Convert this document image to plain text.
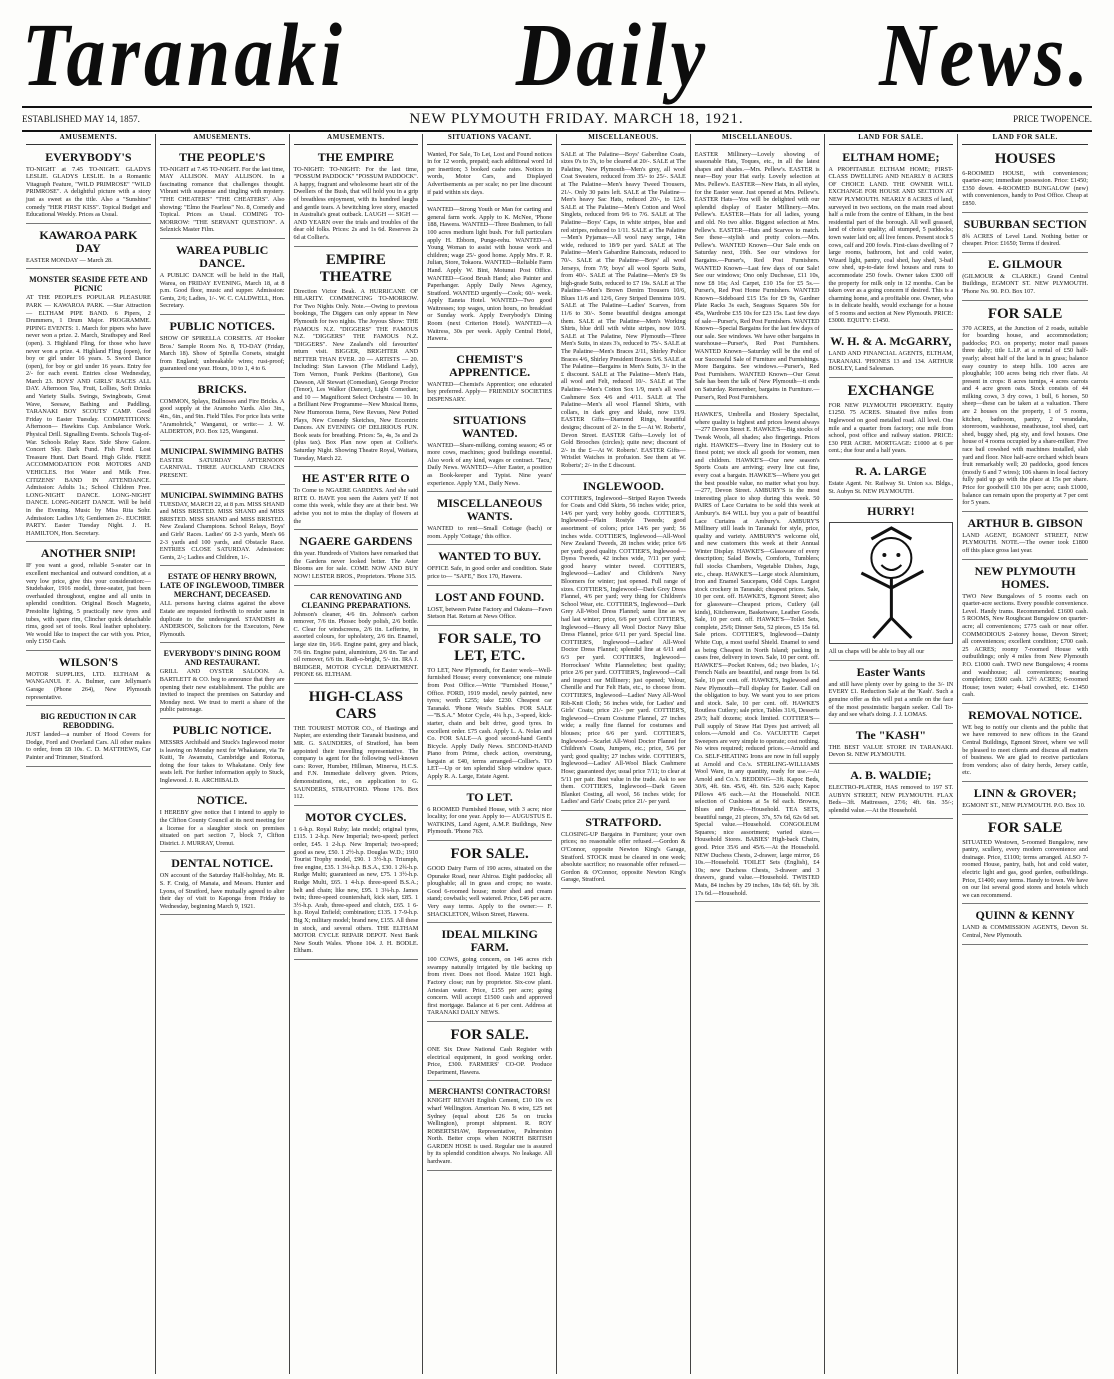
Taranaki Daily News.
ESTABLISHED MAY 14, 1857.	NEW PLYMOUTH FRIDAY. MARCH 18, 1921.	PRICE TWOPENCE.
AMUSEMENTS.
EVERYBODY'S

TO-NIGHT at 7.45 TO-NIGHT. GLADYS LESLIE. GLADYS LESLIE. In a Romantic Vitagraph Feature, "WILD PRIMROSE" "WILD PRIMROSE". A delightful picture with a story just as sweet as the title. Also a "Sunshine" comedy "HER FIRST KISS". Topical Budget and Educational Weekly. Prices as Usual.

KAWAROA PARK DAY

EASTER MONDAY — March 28.

MONSTER SEASIDE FETE AND PICNIC

AT THE PEOPLE'S POPULAR PLEASURE PARK — KAWAROA PARK. —Star Attraction— ELTHAM PIPE BAND. 6 Pipers, 2 Drummers, 1 Drum Major. PROGRAMME. PIPING EVENTS: 1. March for pipers who have never won a prize. 2. March, Strathspey and Reel (open). 3. Highland Fling, for those who have never won a prize. 4. Highland Fling (open), for boy or girl under 16 years. 5. Sword Dance (open), for boy or girl under 16 years. Entry fee 2/- for each event. Entries close Wednesday, March 23. BOYS' AND GIRLS' RACES ALL DAY. Afternoon Tea, Fruit, Lollies, Soft Drinks and Variety Stalls. Swings, Swingboats, Great Wave, Seesaw, Bathing and Paddling. TARANAKI BOY SCOUTS' CAMP. Good Friday to Easter Tuesday. COMPETITIONS: Afternoon— Hawkins Cup. Ambulance Work. Physical Drill. Signalling Events. Schools Tug-of-War. Schools Relay Race. Side Show Galore. Concert Sky. Dark Fund. Fish Pond. Lost Treasure Hunt. Dart Board. High Glide. FREE ACCOMMODATION FOR MOTORS AND VEHICLES. Hot Water and Milk Free. CITIZENS' BAND IN ATTENDANCE. Admission: Adults 1s.; School Children Free. LONG-NIGHT DANCE. LONG-NIGHT DANCE. LONG-NIGHT DANCE. Will be held in the Evening. Music by Miss Rita Sohr. Admission: Ladies 1/6; Gentlemen 2/-. EUCHRE PARTY. Easter Tuesday Night. J. H. HAMILTON, Hon. Secretary.

ANOTHER SNIP!

IF you want a good, reliable 5-seater car in excellent mechanical and outward condition, at a very low price, give this your consideration:— Studebaker, 1916 model, three-seater, just been overhauled throughout, engine and all units in splendid condition. Original Bosch Magneto, Prestolite lighting, 5 practically new tyres and tubes, with spare rim, Clincher quick detachable rims, good set of tools. Real leather upholstery. We would like to inspect the car with you. Price, only £150 Cash.

WILSON'S

MOTOR SUPPLIES, LTD. ELTHAM & WANGANUI. F. A. Bulmer, care Jellyman's Garage (Phone 264), New Plymouth representative.

BIG REDUCTION IN CAR REBODDING.

JUST landed—a number of Hood Covers for Dodge, Ford and Overland Cars. All other makes to order, from £8 10s. C. D. MATTHEWS, Car Painter and Trimmer, Stratford.

AMUSEMENTS.
THE PEOPLE'S

TO-NIGHT at 7.45 TO-NIGHT. For the last time, MAY ALLISON. MAY ALLISON. In a fascinating romance that challenges thought. Vibrant with suspense and tingling with mystery. "THE CHEATERS" "THE CHEATERS". Also showing: "Elmo the Fearless" No. 8, Comedy and Topical. Prices as Usual. COMING TO-MORROW: "THE SERVANT QUESTION". A Selznick Master Film.

WAREA PUBLIC DANCE.

A PUBLIC DANCE will be held in the Hall, Warea, on FRIDAY EVENING, March 18, at 8 p.m. Good floor, music and supper. Admission: Gents, 2/6; Ladies, 1/-. W. C. CALDWELL, Hon. Secretary.

PUBLIC NOTICES.

SHOW OF SPIRELLA CORSETS. AT Hooker Bros.' Sample Room No. 8, TO-DAY (Friday, March 18). Show of Spirella Corsets, straight from England; unbreakable wires; rust-proof; guaranteed one year. Hours, 10 to 1, 4 to 6.

BRICKS.

COMMON, Splays, Bullnoses and Fire Bricks. A good supply at the Aramoho Yards. Also 3in., 4in., 6in., and 9in. Field Tiles. For price lists write "Aramohrick," Wanganui, or write:— J. W. ALDERTON, P.O. Box 125, Wanganui.

MUNICIPAL SWIMMING BATHS

EASTER SATURDAY AFTERNOON CARNIVAL. THREE AUCKLAND CRACKS PRESENT.

MUNICIPAL SWIMMING BATHS

TUESDAY, MARCH 22, at 8 p.m. MISS SHAND and MISS BRISTED. MISS SHAND and MISS BRISTED. MISS SHAND and MISS BRISTED. New Zealand Champions. School Relays, Boys' and Girls' Races. Ladies' 66 2-3 yards, Men's 66 2-3 yards and 100 yards, and Obstacle Race. ENTRIES CLOSE SATURDAY. Admission: Gents, 2/-; Ladies and Children, 1/-.

ESTATE OF HENRY BROWN, LATE OF INGLEWOOD, TIMBER MERCHANT, DECEASED.

ALL persons having claims against the above Estate are requested forthwith to render same in duplicate to the undersigned. STANDISH & ANDERSON, Solicitors for the Executors, New Plymouth.

EVERYBODY'S DINING ROOM AND RESTAURANT.

GRILL AND OYSTER SALOON. A. BARTLETT & CO. beg to announce that they are opening their new establishment. The public are invited to inspect the premises on Saturday and Monday next. We trust to merit a share of the public patronage.

PUBLIC NOTICE.

MESSRS Archibald and Stuck's Inglewood motor is leaving on Monday next for Whakatane, via Te Kuiti, Te Awamutu, Cambridge and Rotorua, doing the four takes to Whakatane. Only few seats left. For further information apply to Stuck, Inglewood. J. R. ARCHIBALD.

NOTICE.

I HEREBY give notice that I intend to apply to the Clifton County Council at its next meeting for a license for a slaughter stock on premises situated on part section 7, block 7, Clifton District. J. MURRAY, Urenui.

DENTAL NOTICE.

ON account of the Saturday Half-holiday, Mr. R. S. F. Craig, of Manaia, and Messrs. Hunter and Lyons, of Stratford, have mutually agreed to alter their day of visit to Kaponga from Friday to Wednesday, beginning March 9, 1921.

AMUSEMENTS.
THE EMPIRE

TO-NIGHT: TO-NIGHT: For the last time, "POSSUM PADDOCK" "POSSUM PADDOCK". A happy, fragrant and wholesome heart stir of the Dwellers of the Bush, that will hold you in a grip of breathless enjoyment, with its hundred laughs and gentle tears. A bewitching love story, enacted in Australia's great outback. LAUGH — SIGH — AND YEARN over the trials and troubles of the dear old folks. Prices: 2s and 1s 6d. Reserves 2s 6d at Collier's.

EMPIRE THEATRE

Direction Victor Beak. A HURRICANE OF HILARITY. COMMENCING TO-MORROW. For Two Nights Only. Note.—Owing to previous bookings, The Diggers can only appear in New Plymouth for two nights. The Joyous Show: THE FAMOUS N.Z. "DIGGERS" THE FAMOUS N.Z. "DIGGERS" THE FAMOUS N.Z. "DIGGERS". New Zealand's old favourites' return visit. BIGGER, BRIGHTER AND BETTER THAN EVER. 20 — ARTISTS — 20. Including: Stan Lawson (The Midland Lady), Tom Vernon, Frank Perkins (Baritone), Gus Dawson, Alf Stewart (Comedian), George Proctor (Tenor), Les Walker (Dancer), Light Comedian; and 10 — Magnificent Select Orchestra — 10. In a Brilliant New Programme—New Musical Items, New Humorous Items, New Revues, New Potted Plays, New Comedy Sketches, New Eccentric Dances. AN EVENING OF DELIRIOUS FUN. Book seats for breathing. Prices: 5s, 4s, 3s and 2s (plus tax). Box Plan now open at Collier's. Saturday Night. Showing Theatre Royal, Waitara, Tuesday, March 22.

HE AST'ER RITE O

To Come to NGAERE GARDENS. And she said RITE O. HAVE you seen the Asters yet? If not come this week, while they are at their best. We advise you not to miss the display of flowers at the

NGAERE GARDENS

this year. Hundreds of Visitors have remarked that the Gardens never looked better. The Aster Blooms are for sale. COME NOW AND BUY NOW! LESTER BROS., Proprietors. 'Phone 315.

CAR RENOVATING AND CLEANING PREPARATIONS.

Johnson's cleaner, 4/6 tin. Johnson's carbon remover, 7/6 tin. Phosec body polish, 2/6 bottle. C. Clear for windscreens, 2/6 tin. Lefferine, in assorted colours, for upholstery, 2/6 tin. Enamel, large size tin, 16/6. Engine paint, grey and black, 7/6 tin. Engine paint, aluminium, 2/6 tin. Tar and oil remover, 6/6 tin. Radi-o-bright, 5/- tin. IRA J. BRIDGER, MOTOR CYCLE DEPARTMENT. PHONE 66. ELTHAM.

HIGH-CLASS CARS

THE TOURIST MOTOR CO., of Hastings and Napier, are extending their Taranaki business, and MR. G. SAUNDERS, of Stratford, has been appointed their travelling representative. The company is agent for the following well-known cars: Rover, Humber, Hillman, Minerva, H.C.S. and F.N. Immediate delivery given. Prices, demonstrations, etc., on application to G. SAUNDERS, STRATFORD. 'Phone 176. Box 112.

MOTOR CYCLES.

1 6-h.p. Royal Ruby; late model; original tyres, £115. 1 2-h.p. New Imperial; two-speed; perfect order, £45. 1 2-h.p. New Imperial; two-speed; good as new, £50. 1 2½-h.p. Douglas W.D.; 1910 Tourist Trophy model, £90. 1 3½-h.p. Triumph, free engine, £35. 1 3¼-h.p. B.S.A., £30. 1 2¾-h.p. Rudge Multi; guaranteed as new, £75. 1 3½-h.p. Rudge Multi, £65. 1 4-h.p. three-speed B.S.A.; belt and chain; like new, £95. 1 3¼-h.p. James twin; three-speed countershaft, kick start, £85. 1 3½-h.p. Arab, three-speed and clutch, £65. 1 6-h.p. Royal Enfield; combination; £135. 1 7-9-h.p. Big X; military model; brand new, £155. All these in stock, and several others. THE ELTHAM MOTOR CYCLE REPAIR DEPOT. Next Bank New South Wales. 'Phone 104. J. H. BODLE. Eltham.

SITUATIONS VACANT.

Wanted, For Sale, To Let, Lost and Found notices in for 12 words, prepaid; each additional word 1d per insertion; 3 booked cashe rates. Notices in words, Motor Cars, and Displayed Advertisements as per scale; no per line discount if paid within six days.

WANTED—Strong Youth or Man for carting and general farm work. Apply to K. McNee, 'Phone 188, Hawera. WANTED—Three Bushmen, to fall 100 acres medium light bush. For full particulars apply H. Ebborn, Punge-rehu. WANTED—A Young Woman to assist with house work and children; wage 25/- good home. Apply Mrs. F. R. Julian, Store, Tokaora. WANTED—Reliable Farm Hand. Apply W. Bint, Motunui Post Office. WANTED—Good Brush Hand; also Painter and Paperhanger. Apply Daily News Agency, Stratford. WANTED urgently—Cook; 60/- week. Apply Eaneta Hotel. WANTED—Two good Waitresses; top wages, union hours, no breakfast or Sunday work. Apply Everybody's Dining Room (next Criterion Hotel). WANTED—A Waitress, 30s per week. Apply Central Hotel, Hawera.

CHEMIST'S APPRENTICE.

WANTED—Chemist's Apprentice; one educated boy preferred. Apply— FRIENDLY SOCIETIES DISPENSARY.

SITUATIONS WANTED.

WANTED—Share-milking, coming season; 45 or more cows, machines; good buildings essential. Also work of any kind, wages or contract. 'Tacu,' Daily News. WANTED—After Easter, a position as Book-keeper and Typist. Nine years' experience. Apply Y.M., Daily News.

MISCELLANEOUS WANTS.

WANTED to rent—Small Cottage (bach) or room. Apply 'Cottage,' this office.

WANTED TO BUY.

OFFICE Safe, in good order and condition. State price to— "SAFE," Box 170, Hawera.

LOST AND FOUND.

LOST, between Paine Factory and Oakura—Fawn Stetson Hat. Return at News Office.

FOR SALE, TO LET, ETC.

TO LET, New Plymouth, for Easter week—Well-furnished House; every convenience; one minute from Post Office.—Write "Furnished House," Office. FORD, 1919 model, newly painted, new tyres; worth £255; take £230. Cheapest car Taranaki. 'Phone West's Stables. FOR SALE—"B.S.A." Motor Cycle, 4¼ h.p., 3-speed, kick-starter, chain and belt drive, good tyres. In excellent order. £75 cash. Apply L. A. Nolan and Co. FOR SALE—A good second-hand Gent's Bicycle. Apply Daily News. SECOND-HAND Piano from Prime, check action, overstrung, bargain at £40, terms arranged—Collier's. TO LET—Up or ten splendid Shop window space. Apply R. A. Large, Estate Agent.

TO LET.

6 ROOMED Furnished House, with 3 acre; nice locality; for one year. Apply to— AUGUSTUS E. WATKINS, Land Agent, A.M.P. Buildings, New Plymouth. 'Phone 763.

FOR SALE.

GOOD Dairy Farm of 190 acres, situated on the Opunake Road, near Ahiroa. Eight paddocks; all ploughable; all in grass and crops; no waste. Good 6-roomed house; motor shed and cream stand; cowbails; well watered. Price, £46 per acre. Very easy terms. Apply to the owner:— F. SHACKLETON, Wilson Street, Hawera.

IDEAL MILKING FARM.

100 COWS, going concern, on 146 acres rich swampy naturally irrigated by tile backing up from river. Does not flood. Maize 1921 high. Factory close; run by proprietor. Six-cow plant. Artesian water. Price, £155 per acre; going concern. Will accept £1500 cash and approved first mortgage. Balance at 6 per cent. Address at TARANAKI DAILY NEWS.

FOR SALE.

ONE Six Draw National Cash Register with electrical equipment, in good working order. Price, £300. FARMERS' CO-OP. Produce Department, Hawera.

MERCHANTS! CONTRACTORS!

KNIGHT REVAH English Cement, £10 10s ex wharf Wellington. American No. 8 wire, £25 net Sydney (equal about £26 5s on trucks Wellington), prompt shipment. R. ROY ROBERTSHAW, Representative, Palmerston North. Better crops when NORTH BRITISH GARDEN HOSE is used. Regular use is assured by its splendid condition always. No leakage. All hardware.

MISCELLANEOUS.

SALE at The Palatine—Boys' Gaberdine Coats, sizes 0's to 3's, to be cleared at 20/-. SALE at The Palatine, New Plymouth—Men's grey, all wool Coat Sweaters, reduced from 35/- to 25/-. SALE at The Palatine—Men's heavy Tweed Trousers, 21/-. Only 30 pairs left. SALE at The Palatine—Men's heavy Sac Hats, reduced 20/-, to 12/6. SALE at The Palatine—Men's Cotton and Wool Singlets, reduced from 9/6 to 7/6. SALE at The Palatine—Boys' Caps, in white stripes, blue and red stripes, reduced to 1/11. SALE at The Palatine—Men's Pyjamas—All wool navy serge, 14in wide, reduced to 18/9 per yard. SALE at The Palatine—Men's Gabardine Raincoats, reduced to 70/-. SALE at The Palatine—Boys' all wool Jerseys, from 7/9; boys' all wool Sports Suits, from 40/-. SALE at The Palatine—Men's £9 9s high-grade Suits, reduced to £7 19s. SALE at The Palatine—Men's Brown Denim Trousers 10/6, Blues 11/6 and 12/6, Grey Striped Dennims 10/9. SALE at The Palatine—Ladies' Scarves, from 11/6 to 30/-. Some beautiful designs amongst them. SALE at The Palatine—Men's Working Shirts, blue drill with white stripes, now 10/9. SALE at The Palatine, New Plymouth—Three Men's Suits, in sizes 3's, reduced to 75/-. SALE at The Palatine—Men's Braces 2/11, Shirley Police Braces 4/6, Shirley President Braces 5/6. SALE at The Palatine—Bargains in Men's Suits, 3/- in the £ discount. SALE at The Palatine—Men's Hats, all wool and Felt, reduced 10/-. SALE at The Palatine—Men's Cotton Sox 1/9, men's all wool Cashmere Sox 4/6 and 4/11. SALE at The Palatine—Men's all wool Flannel Shirts, with collars, in dark grey and khaki, now 13/9. EASTER Gifts—Diamond Rings, beautiful designs; discount of 2/- in the £—At W. Roberts', Devon Street. EASTER Gifts—Lovely lot of Gold Brooches (circles); quite new; discount of 2/- in the £—At W. Roberts'. EASTER Gifts—Wristlet Watches in profusion. See them at W. Roberts'; 2/- in the £ discount.

INGLEWOOD.

COTTIER'S, Inglewood—Striped Rayon Tweeds for Coats and Odd Skirts, 56 inches wide; price, 14/6 per yard; very hobby goods. COTTIER'S, Inglewood—Plain Rostyle Tweeds; good assortment of colors; price 14/6 per yard; 56 inches wide. COTTIER'S, Inglewood—All-Wool New Zealand Tweeds, 28 inches wide; price 6/6 per yard; good quality. COTTIER'S, Inglewood—Dyess Tweeds, 42 inches wide, 7/11 per yard; good heavy winter tweed. COTTIER'S, Inglewood—Ladies' and Children's Navy Bloomers for winter; just opened. Full range of sizes. COTTIER'S, Inglewood—Dark Grey Dress Flannel, 4/6 per yard; very thing for Children's School Wear, etc. COTTIER'S, Inglewood—Dark Grey All-Wool Dress Flannel; same line as we had last winter; price, 6/6 per yard. COTTIER'S, Inglewood—Heavy all Wool Doctor Navy Blue Dress Flannel, price 6/11 per yard. Special line. COTTIER'S, Inglewood—Ladies' All-Wool Doctor Dress Flannel; splendid line at 6/11 and 6/3 per yard. COTTIER'S, Inglewood—Horrockses' White Flannelettes; best quality; price 2/6 per yard. COTTIER'S, Inglewood—Call and inspect our Millinery; just opened; Velour, Chenille and Fur Felt Hats, etc., to choose from. COTTIER'S, Inglewood—Ladies' Navy All-Wool Rib-Knit Cloth; 56 inches wide, for Ladies' and Girls' Coats; price 21/- per yard. COTTIER'S, Inglewood—Cream Costume Flannel, 27 inches wide; a really fine flannel for costumes and blouses; price 6/6 per yard. COTTIER'S, Inglewood—Scarlet All-Wool Doctor Flannel for Children's Coats, Jumpers, etc.; price, 5/6 per yard; good quality; 27 inches wide. COTTIER'S, Inglewood—Ladies' All-Wool Black Cashmere Hose; guaranteed dye; usual price 7/11; to clear at 5/11 per pair. Best value in the trade. Ask to see them. COTTIER'S, Inglewood—Dark Green Blanket Costing, all wool, 56 inches wide; for Ladies' and Girls' Coats; price 21/- per yard.

STRATFORD.

CLOSING-UP Bargains in Furniture; your own prices; no reasonable offer refused.—Gordon & O'Connor, opposite Newton King's Garage, Stratford. STOCK must be cleared in one week; absolute sacrifice; no reasonable offer refused.—Gordon & O'Connor, opposite Newton King's Garage, Stratford.

MISCELLANEOUS.

EASTER Millinery—Lovely showing of seasonable Hats, Toques, etc., in all the latest shapes and shades.—Mrs. Pellew's. EASTER is near—Buy your Hat early. Lovely selection at Mrs. Pellew's. EASTER—New Hats, in all styles, for the Easter wear. Just opened at Mrs. Pellew's. EASTER Hats—You will be delighted with our splendid display of Easter Millinery.—Mrs. Pellew's. EASTER—Hats for all ladies, young and old. No two alike. Biggest selection at Mrs. Pellew's. EASTER—Hats and Scarves to match. See these—stylish and pretty colors.—Mrs. Pellew's. WANTED Known—Our Sale ends on Saturday next, 19th. See our windows for Bargains.—Purser's, Red Post Furnishers. WANTED Known—Last few days of our Sale! See our windows; Ono only Duchesse, £11 10s, now £8 16s; Axl Carpet, £10 15s for £5 5s.—Purser's, Red Post Home Furnishers. WANTED Known—Sideboard £15 15s for £9 9s, Gardner Plate Racks 3s each, Seagrass Squares 50s for 45s, Wardrobe £35 10s for £23 15s. Last few days of sale—Purser's, Red Post Furnishers. WANTED Known—Special Bargains for the last few days of our sale. See windows. We have other bargains in warehouse—Purser's, Red Post Furnishers. WANTED Known—Saturday will be the end of our Successful Sale of Furniture and Furnishings. More Bargains. See windows.—Purser's, Red Post Furnishers. WANTED Known—Our Great Sale has been the talk of New Plymouth—it ends on Saturday. Remember, bargains in Furniture.—Purser's, Red Post Furnishers.

HAWKE'S, Umbrella and Hosiery Specialist, where quality is highest and prices lowest always—277 Devon Street E. HAWKE'S—Big stocks of Tweak Wools, all shades; also fingerings. Prices right. HAWKE'S—Every line in Hosiery cut to finest point; we stock all goods for women, men and children. HAWKE'S—Our new season's Sports Coats are arriving; every line cut fine, every coat a bargain. HAWKE'S—Where you get the best possible value, no matter what you buy.—277, Devon Street. AMBURY'S is the most interesting place to shop during this week. 50 PAIRS of Lace Curtains to be sold this week at Ambury's. 8/4 WILL buy you a pair of beautiful Lace Curtains at Ambury's. AMBURY'S Millinery still leads in Taranaki for style, price, quality and variety. AMBURY'S welcome old, and new customers this week at their Annual Winter Display. HAWKE'S—Glassware of every description; Salad Bowls, Comforts, Tumblers; full stocks Chambers, Vegetable Dishes, Jugs, etc., cheap. HAWKE'S—Large stock Aluminium, Iron and Enamel Saucepans, Odd Cups. Largest stock crockery in Taranaki; cheapest prices. Sale, 10 per cent. off. HAWKE'S, Egmont Street; also for glassware—Cheapest prices, Cutlery (all kinds), Kitchenware, Basketware, Leather Goods. Sale, 10 per cent. off. HAWKE'S—Toilet Sets, complete, 25/6; Dinner Sets, 52 pieces, £5 15s 6d. Sale prices. COTTIER'S, Inglewood—Dainty White Cup, a most useful Shield. Enamel to send as being Cheapest in North Island; packing in cases free, delivery in town. Sale, 10 per cent. off. HAWKE'S—Pocket Knives, 6d.; two blades, 1/-; French Nails are beautiful, and range from 1s 6d. Sale, 10 per cent. off. HAWKE'S, Inglewood and New Plymouth—Full display for Easter. Call on the obligation to buy. We want you to see prices and stock. Sale, 10 per cent. off. HAWKE'S Routless Cutlery; sale price, Tables 31/6, Desserts 29/3; half dozens; stock limited. COTTIER'S—Full supply of Straw Hat Dyes just arrived; all colors.—Arnold and Co. VACUETTE Carpet Sweepers are very simple to operate; cost nothing. No wires required; reduced prices.—Arnold and Co. SELF-HEATING Irons are now in full supply at Arnold and Co.'s. STERLING-WILLIAMS Wool Ware, in any quantity, ready for use.—At Arnold and Co.'s. BEDDING—3ft. Kapoc Beds, 30/6, 4ft. 6in. 45/6, 4ft. 6in. 52/6 each; Kapoc Pillows 4/6 each.—At the Household. NICE selection of Cushions at 5s 6d each. Browns, Blues and Pinks.—Household. TEA SETS, beautiful range, 21 pieces, 37s, 57s 6d, 62s 6d set. Special value.—Household. CONGOLEUM Squares; nice assortment; varied sizes.—Household Stores. BABIES' High-back Chairs, good. Price 35/6 and 45/6.—At the Household. NEW Duchess Chests, 2-drawer, large mirror, £6 10s.—Household. TOILET Sets (English), £4 10s; new Duchess Chests, 3-drawer and 3 drawers, grand value.—Household. TWISTED Mats, 84 inches by 29 inches, 18s 6d; 6ft. by 3ft. 17s 6d.—Household.

LAND FOR SALE.
ELTHAM HOME;

A PROFITABLE ELTHAM HOME; FIRST-CLASS DWELLING AND NEARLY 8 ACRES OF CHOICE LAND. THE OWNER WILL EXCHANGE FOR HOUSE AND SECTION AT NEW PLYMOUTH. NEARLY 8 ACRES of land, surveyed in two sections, on the main road about half a mile from the centre of Eltham, in the best residential part of the borough. All well grassed, land of choice quality; all stumped, 5 paddocks; town water laid on; all live fences. Present stock 5 cows, calf and 200 fowls. First-class dwelling of 7 large rooms, bathroom, hot and cold water, Wizard light, pantry, coal shed, hay shed, 3-bail cow shed, up-to-date fowl houses and runs to accommodate 250 fowls. Owner takes £300 off the property for milk only in 12 months. Can be taken over as a going concern if desired. This is a charming home, and a profitable one. Owner, who is in delicate health, would exchange for a house of 5 rooms and section at New Plymouth. PRICE: £3000. EQUITY: £1450.

W. H. & A. McGARRY,

LAND AND FINANCIAL AGENTS, ELTHAM, TARANAKI. 'PHONES 13 and 134. ARTHUR BOSLEY, Land Salesman.

EXCHANGE

FOR NEW PLYMOUTH PROPERTY. Equity £1250. 75 ACRES. Situated five miles from Inglewood on good metalled road. All level. One mile and a quarter from factory; one mile from school, post office and railway station. PRICE: £30 PER ACRE. MORTGAGE: £1000 at 6 per cent.; due four and a half years.

R. A. LARGE

Estate Agent. Nr. Railway St. Union s.s. Bldgs., St. Aubyn St. NEW PLYMOUTH.

HURRY!

All us chaps will be able to buy all our

Easter Wants

and still have plenty over by going to the 3/- IN EVERY £1. Reduction Sale at the 'Kash'. Such a genuine offer as this will put a smile on the face of the most pessimistic bargain seeker. Call To-day and see what's doing. J. J. LOMAS.

The "KASH"

THE BEST VALUE STORE IN TARANAKI. Devon St. NEW PLYMOUTH.

A. B. WALDIE;

ELECTRO-PLATER, HAS removed to 197 ST. AUBYN STREET, NEW PLYMOUTH. FLAX Beds—3ft. Mattresses, 27/6; 4ft. 6in. 35/-; splendid value.—At the Household.

LAND FOR SALE.
HOUSES

6-ROOMED HOUSE, with conveniences; quarter-acre; immediate possession. Price: £1450; £350 down. 4-ROOMED BUNGALOW (new) with conveniences, handy to Post Office. Cheap at £850.

SUBURBAN SECTION

8¾ ACRES of Level Land. Nothing better or cheaper. Price: £1650; Terms if desired.

E. GILMOUR

(GILMOUR & CLARKE.) Grand Central Buildings, EGMONT ST. NEW PLYMOUTH. 'Phone No. 90. P.O. Box 107.

FOR SALE

370 ACRES, at the Junction of 2 roads, suitable for boarding house, and accommodation; paddocks; P.O. on property; motor mail passes three daily; title L.I.P. at a rental of £50 half-yearly; about half of the land is in grass; balance easy country to steep hills. 100 acres are ploughable; 100 acres being rich river flats. At present in crops: 8 acres turnips, 4 acres carrots and 4 acre green oats. Stock consists of 44 milking cows, 3 dry cows, 1 bull, 6 horses, 50 sheep—these can be taken at a valuation. There are 2 houses on the property, 1 of 5 rooms, kitchen, bathroom, pantry, 2 verandahs, storeroom, washhouse, meathouse, tool shed, cart shed, buggy shed, pig sty, and fowl houses. One house of 4 rooms occupied by a share-milker. Five race bail cowshed with machines installed, slab yard and floor. Nice half-acre orchard which bears fruit remarkably well; 20 paddocks, good fences (mostly 6 and 7 wires); 106 shares in local factory fully paid up go with the place at 15s per share. Price for goodwill £10 10s per acre; cash £1000, balance can remain upon the property at 7 per cent for 5 years.

ARTHUR B. GIBSON

LAND AGENT, EGMONT STREET, NEW PLYMOUTH. NOTE.—The owner took £1800 off this place gross last year.

NEW PLYMOUTH HOMES.

TWO New Bungalows of 5 rooms each on quarter-acre sections. Every possible convenience. Level. Handy trams. Recommended. £1600 cash. 5 ROOMS, New Roughcast Bungalow on quarter-acre; all conveniences; £775 cash or near offer. COMMODIOUS 2-storey house, Devon Street; all conveniences; excellent condition; £700 cash. 25 ACRES; roomy 7-roomed House with outbuildings; only 4 miles from New Plymouth P.O. £1000 cash. TWO new Bungalows; 4 rooms and washhouse; all conveniences; nearing completion; £600 cash. 12½ ACRES; 6-roomed House; town water; 4-bail cowshed, etc. £1450 cash.

REMOVAL NOTICE.

WE beg to notify our clients and the public that we have removed to new offices in the Grand Central Buildings, Egmont Street, where we will be pleased to meet clients and discuss all matters of business. We are glad to receive particulars from vendors; also of dairy herds, Jersey cattle, etc.

LINN & GROVER;

EGMONT ST., NEW PLYMOUTH. P.O. Box 10.

FOR SALE

SITUATED Westown, 5-roomed Bungalow, new pantry, scullery, every modern convenience and drainage. Price, £1100; terms arranged. ALSO 7-roomed House, pantry, bath, hot and cold water, electric light and gas, good garden, outbuildings. Price, £1400; easy terms. Handy to town. We have on our list several good stores and hotels which we can recommend.

QUINN & KENNY

LAND & COMMISSION AGENTS, Devon St. Central, New Plymouth.
